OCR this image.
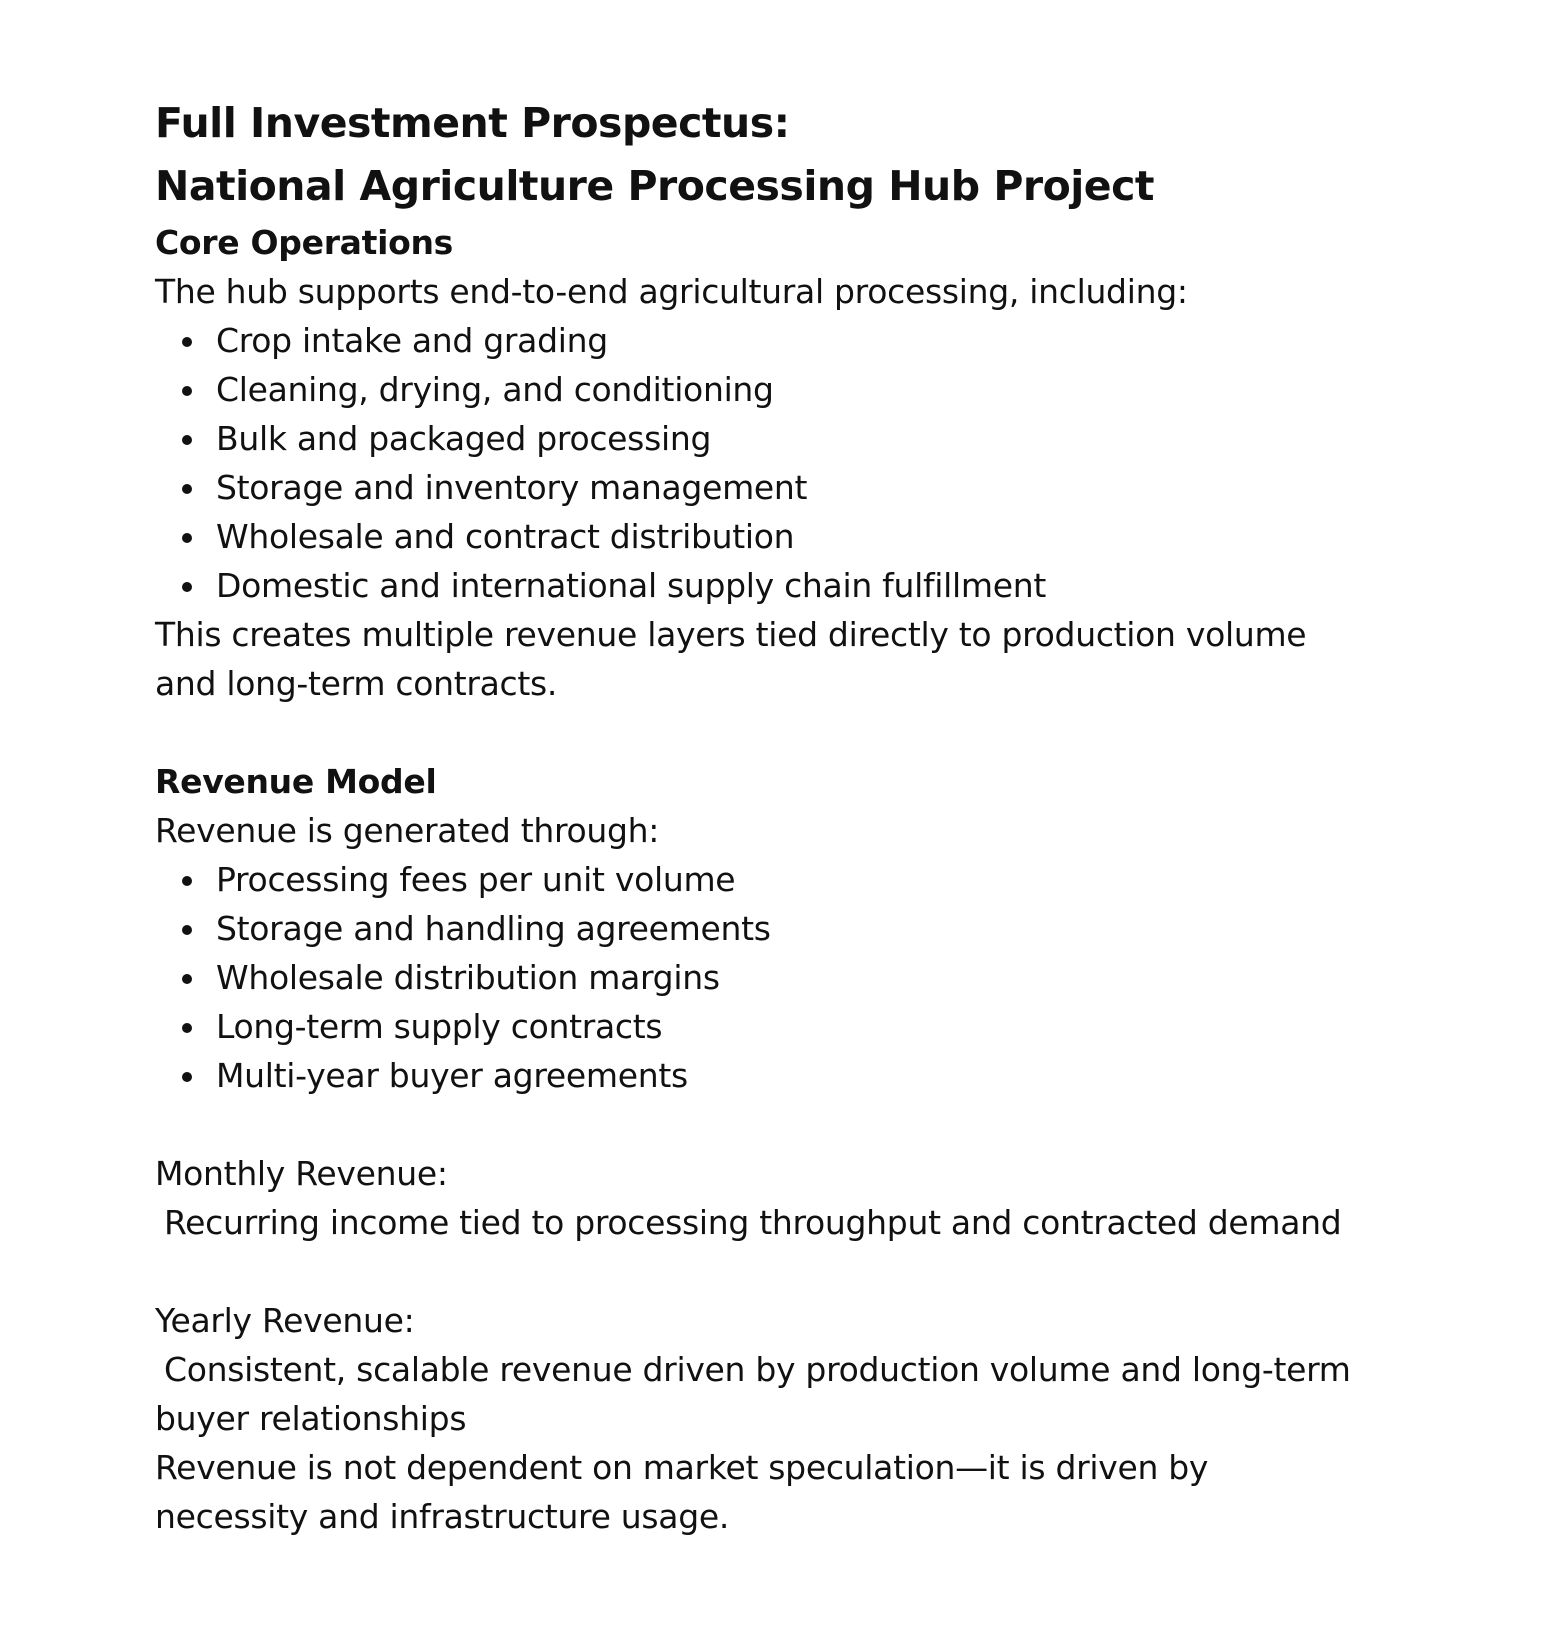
Full Investment Prospectus:
National Agriculture Processing Hub Project
Core Operations

The hub supports end-to-end agricultural processing, including:

Crop intake and grading
Cleaning, drying, and conditioning
Bulk and packaged processing
Storage and inventory management
Wholesale and contract distribution
Domestic and international supply chain fulfillment

This creates multiple revenue layers tied directly to production volume and long-term contracts.

Revenue Model

Revenue is generated through:

Processing fees per unit volume
Storage and handling agreements
Wholesale distribution margins
Long-term supply contracts
Multi-year buyer agreements

Monthly Revenue:

Recurring income tied to processing throughput and contracted demand

Yearly Revenue:

Consistent, scalable revenue driven by production volume and long-term buyer relationships

Revenue is not dependent on market speculation—it is driven by necessity and infrastructure usage.
